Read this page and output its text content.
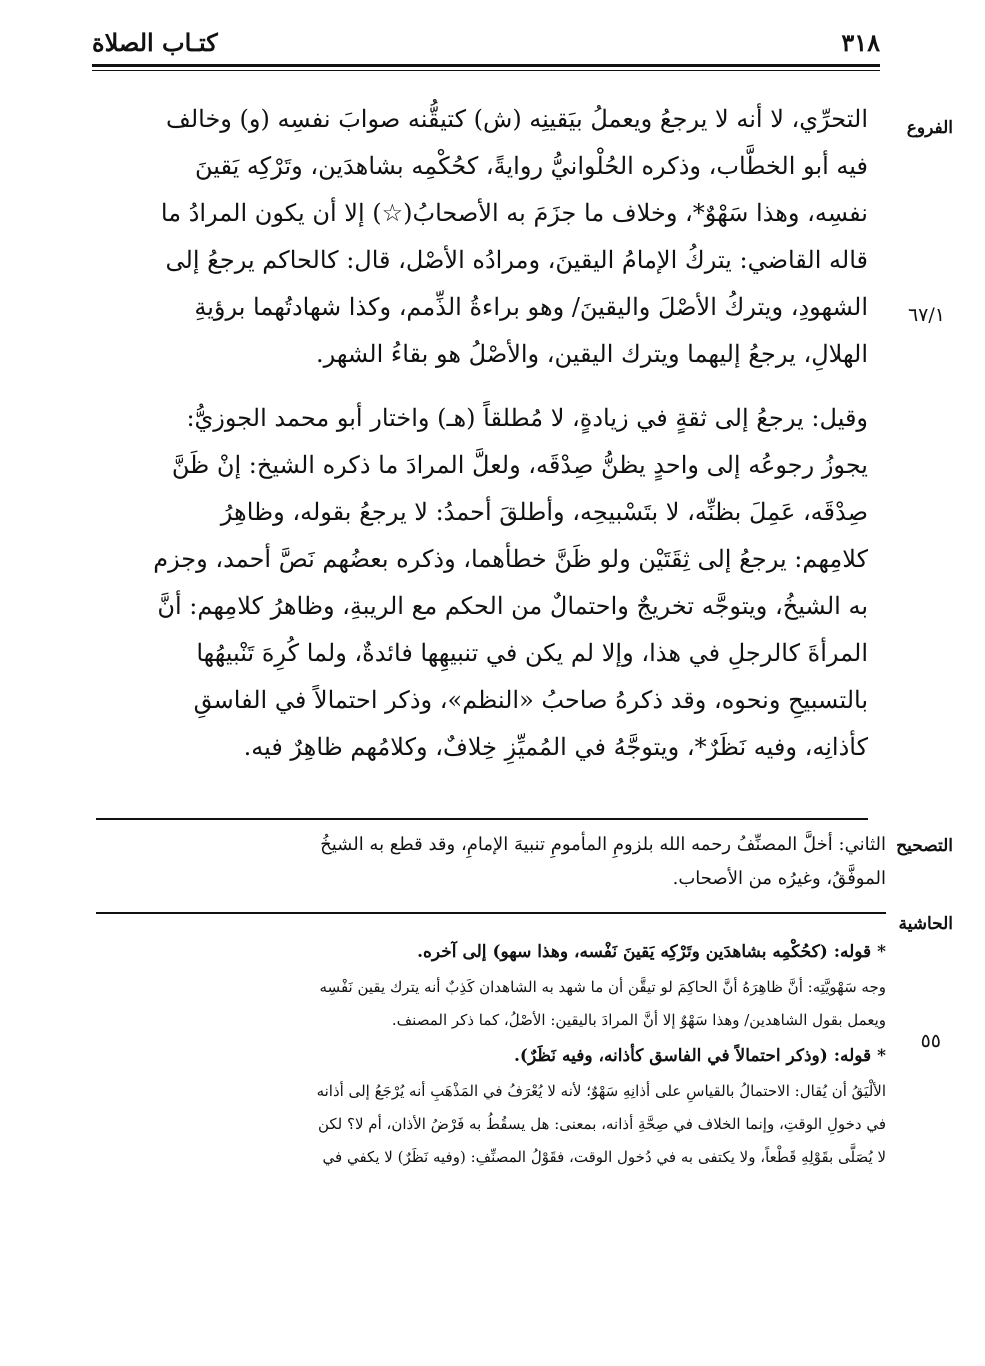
٣١٨
كتـاب الصلاة
الفروع
٦٧/١
التحرِّي، لا أنه لا يرجعُ ويعملُ بيَقينِه (ش) كتيقُّنه صوابَ نفسِه (و) وخالف
فيه أبو الخطَّاب، وذكره الحُلْوانيُّ روايةً، كحُكْمِه بشاهدَين، وتَرْكِه يَقينَ
نفسِه، وهذا سَهْوٌ*، وخلاف ما جزَمَ به الأصحابُ(☆) إلا أن يكون المرادُ ما
قاله القاضي: يتركُ الإمامُ اليقينَ، ومرادُه الأصْل، قال: كالحاكم يرجعُ إلى
الشهودِ، ويتركُ الأصْلَ واليقينَ/ وهو براءةُ الذِّمم، وكذا شهادتُهما برؤيةِ
الهلالِ، يرجعُ إليهما ويترك اليقين، والأصْلُ هو بقاءُ الشهر.
وقيل: يرجعُ إلى ثقةٍ في زيادةٍ، لا مُطلقاً (هـ) واختار أبو محمد الجوزيُّ:
يجوزُ رجوعُه إلى واحدٍ يظنُّ صِدْقَه، ولعلَّ المرادَ ما ذكره الشيخ: إنْ ظَنَّ
صِدْقَه، عَمِلَ بظنِّه، لا بتَسْبيحِه، وأطلقَ أحمدُ: لا يرجعُ بقوله، وظاهِرُ
كلامِهم: يرجعُ إلى ثِقَتَيْن ولو ظَنَّ خطأهما، وذكره بعضُهم نَصَّ أحمد، وجزم
به الشيخُ، ويتوجَّه تخريجٌ واحتمالٌ من الحكم مع الريبةِ، وظاهرُ كلامِهم: أنَّ
المرأةَ كالرجلِ في هذا، وإلا لم يكن في تنبيهِها فائدةٌ، ولما كُرِهَ تَنْبيهُها
بالتسبيحِ ونحوه، وقد ذكرهُ صاحبُ «النظم»، وذكر احتمالاً في الفاسقِ
كأذانِه، وفيه نَظَرٌ*، ويتوجَّهُ في المُميِّزِ خِلافٌ، وكلامُهم ظاهِرٌ فيه.
التصحيح
الثاني: أخلَّ المصنِّفُ رحمه الله بلزومِ المأمومِ تنبيهَ الإمامِ، وقد قطع به الشيخُ
الموفَّقُ، وغيرُه من الأصحاب.
الحاشية
٥٥
* قوله: (كحُكْمِه بشاهدَين وتَرْكِه يَقينَ نَفْسه، وهذا سهو) إلى آخره.
وجه سَهْويَّتِه: أنَّ ظاهِرَهُ أنَّ الحاكِمَ لو تيقَّن أن ما شهد به الشاهدان كَذِبٌ أنه يترك يقين نَفْسِه
ويعمل بقول الشاهدين/ وهذا سَهْوٌ إلا أنَّ المرادَ باليقين: الأصْلُ، كما ذكر المصنف.
* قوله: (وذكر احتمالاً في الفاسق كأذانه، وفيه نَظَرٌ).
الألْيَقُ أن يُقال: الاحتمالُ بالقياسِ على أذانِهِ سَهْوٌ؛ لأنه لا يُعْرَفُ في المَذْهَبِ أنه يُرْجَعُ إلى أذانه
في دخولِ الوقتِ، وإنما الخلاف في صِحَّةِ أذانه، بمعنى: هل يسقُطُ به فَرْضُ الأذان، أم لا؟ لكن
لا يُصَلَّى بقَوْلِهِ قَطْعاً، ولا يكتفى به في دُخول الوقت، فقَوْلُ المصنِّفِ: (وفيه نَظَرٌ) لا يكفي في
